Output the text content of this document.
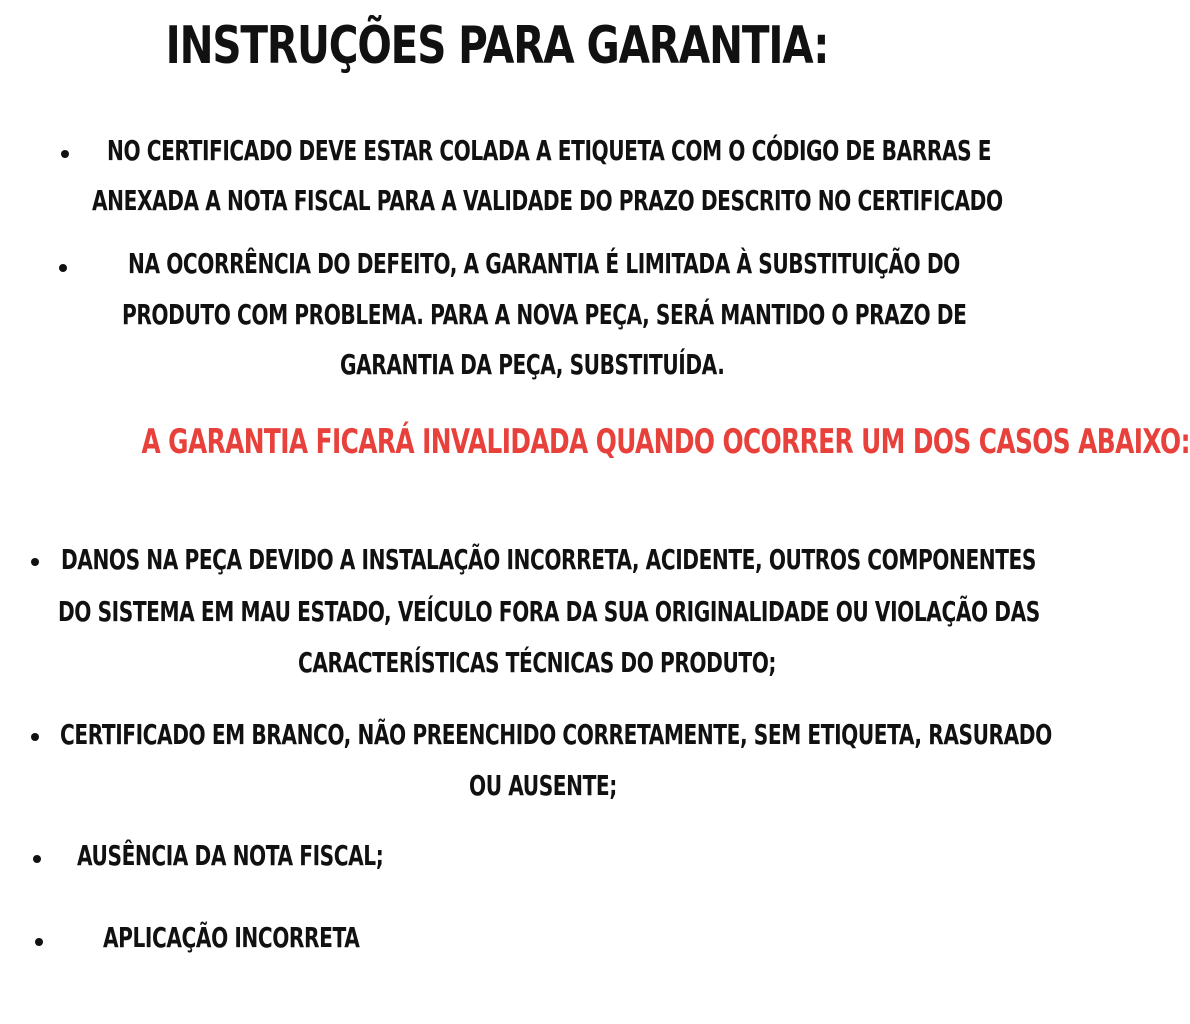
INSTRUÇÕES PARA GARANTIA:
NO CERTIFICADO DEVE ESTAR COLADA A ETIQUETA COM O CÓDIGO DE BARRAS E
ANEXADA A NOTA FISCAL PARA A VALIDADE DO PRAZO DESCRITO NO CERTIFICADO
NA OCORRÊNCIA DO DEFEITO, A GARANTIA É LIMITADA À SUBSTITUIÇÃO DO
PRODUTO COM PROBLEMA. PARA A NOVA PEÇA, SERÁ MANTIDO O PRAZO DE
GARANTIA DA PEÇA, SUBSTITUÍDA.
A GARANTIA FICARÁ INVALIDADA QUANDO OCORRER UM DOS CASOS ABAIXO:
DANOS NA PEÇA DEVIDO A INSTALAÇÃO INCORRETA, ACIDENTE, OUTROS COMPONENTES
DO SISTEMA EM MAU ESTADO, VEÍCULO FORA DA SUA ORIGINALIDADE OU VIOLAÇÃO DAS
CARACTERÍSTICAS TÉCNICAS DO PRODUTO;
CERTIFICADO EM BRANCO, NÃO PREENCHIDO CORRETAMENTE, SEM ETIQUETA, RASURADO
OU AUSENTE;
AUSÊNCIA DA NOTA FISCAL;
APLICAÇÃO INCORRETA
